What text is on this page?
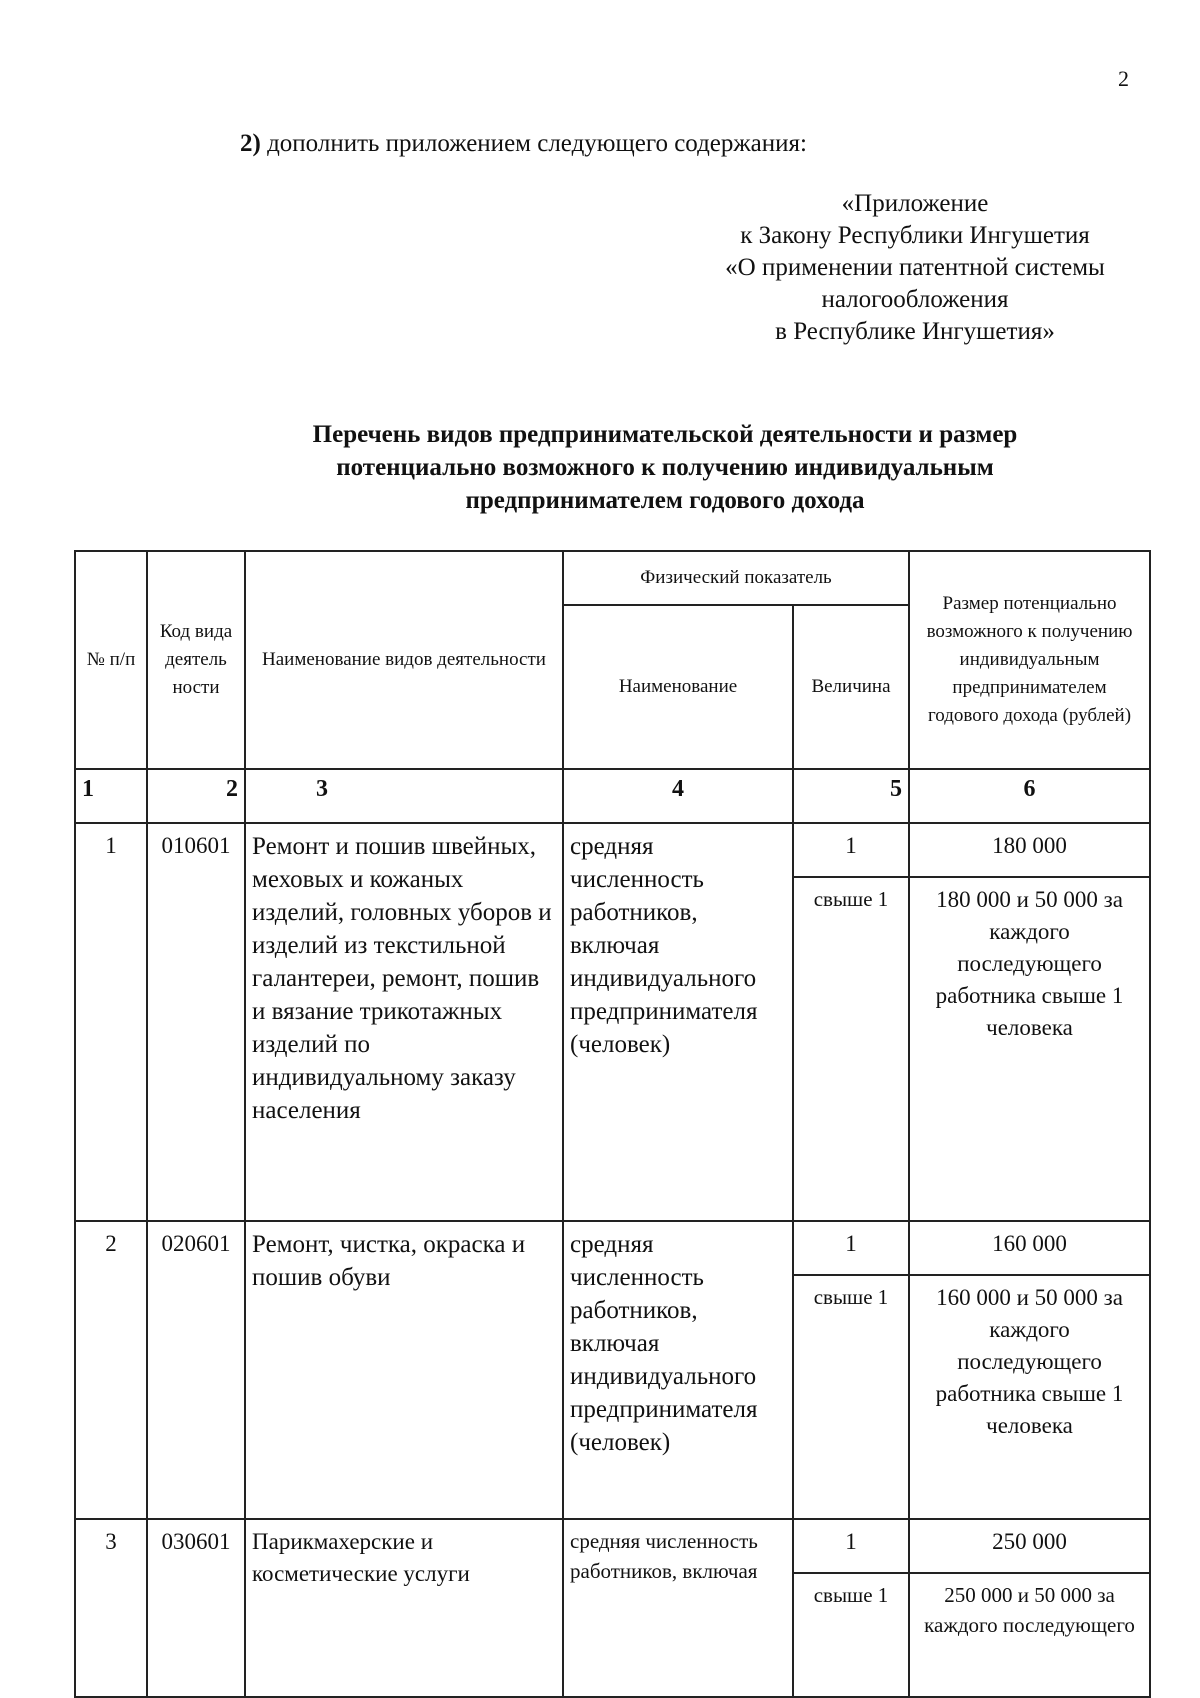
2
2) дополнить приложением следующего содержания:
«Приложение
к Закону Республики Ингушетия
«О применении патентной системы
налогообложения
в Республике Ингушетия»
Перечень видов предпринимательской деятельности и размер
потенциально возможного к получению индивидуальным
предпринимателем годового дохода
№ п/п	Код вида деятель ности	Наименование видов деятельности	Физический показатель		Размер потенциально возможного к получению индивидуальным предпринимателем годового дохода (рублей)
			Наименование	Величина	
1	2	3	4	5	6
1	010601	Ремонт и пошив швейных, меховых и кожаных изделий, головных уборов и изделий из текстильной галантереи, ремонт, пошив и вязание трикотажных изделий по индивидуальному заказу населения	средняя численность работников, включая индивидуального предпринимателя (человек)	1	180 000
				свыше 1	180 000 и 50 000 за каждого последующего работника свыше 1 человека
2	020601	Ремонт, чистка, окраска и пошив обуви	средняя численность работников, включая индивидуального предпринимателя (человек)	1	160 000
				свыше 1	160 000 и 50 000 за каждого последующего работника свыше 1 человека
3	030601	Парикмахерские и косметические услуги	средняя численность работников, включая	1	250 000
				свыше 1	250 000 и 50 000 за каждого последующего
